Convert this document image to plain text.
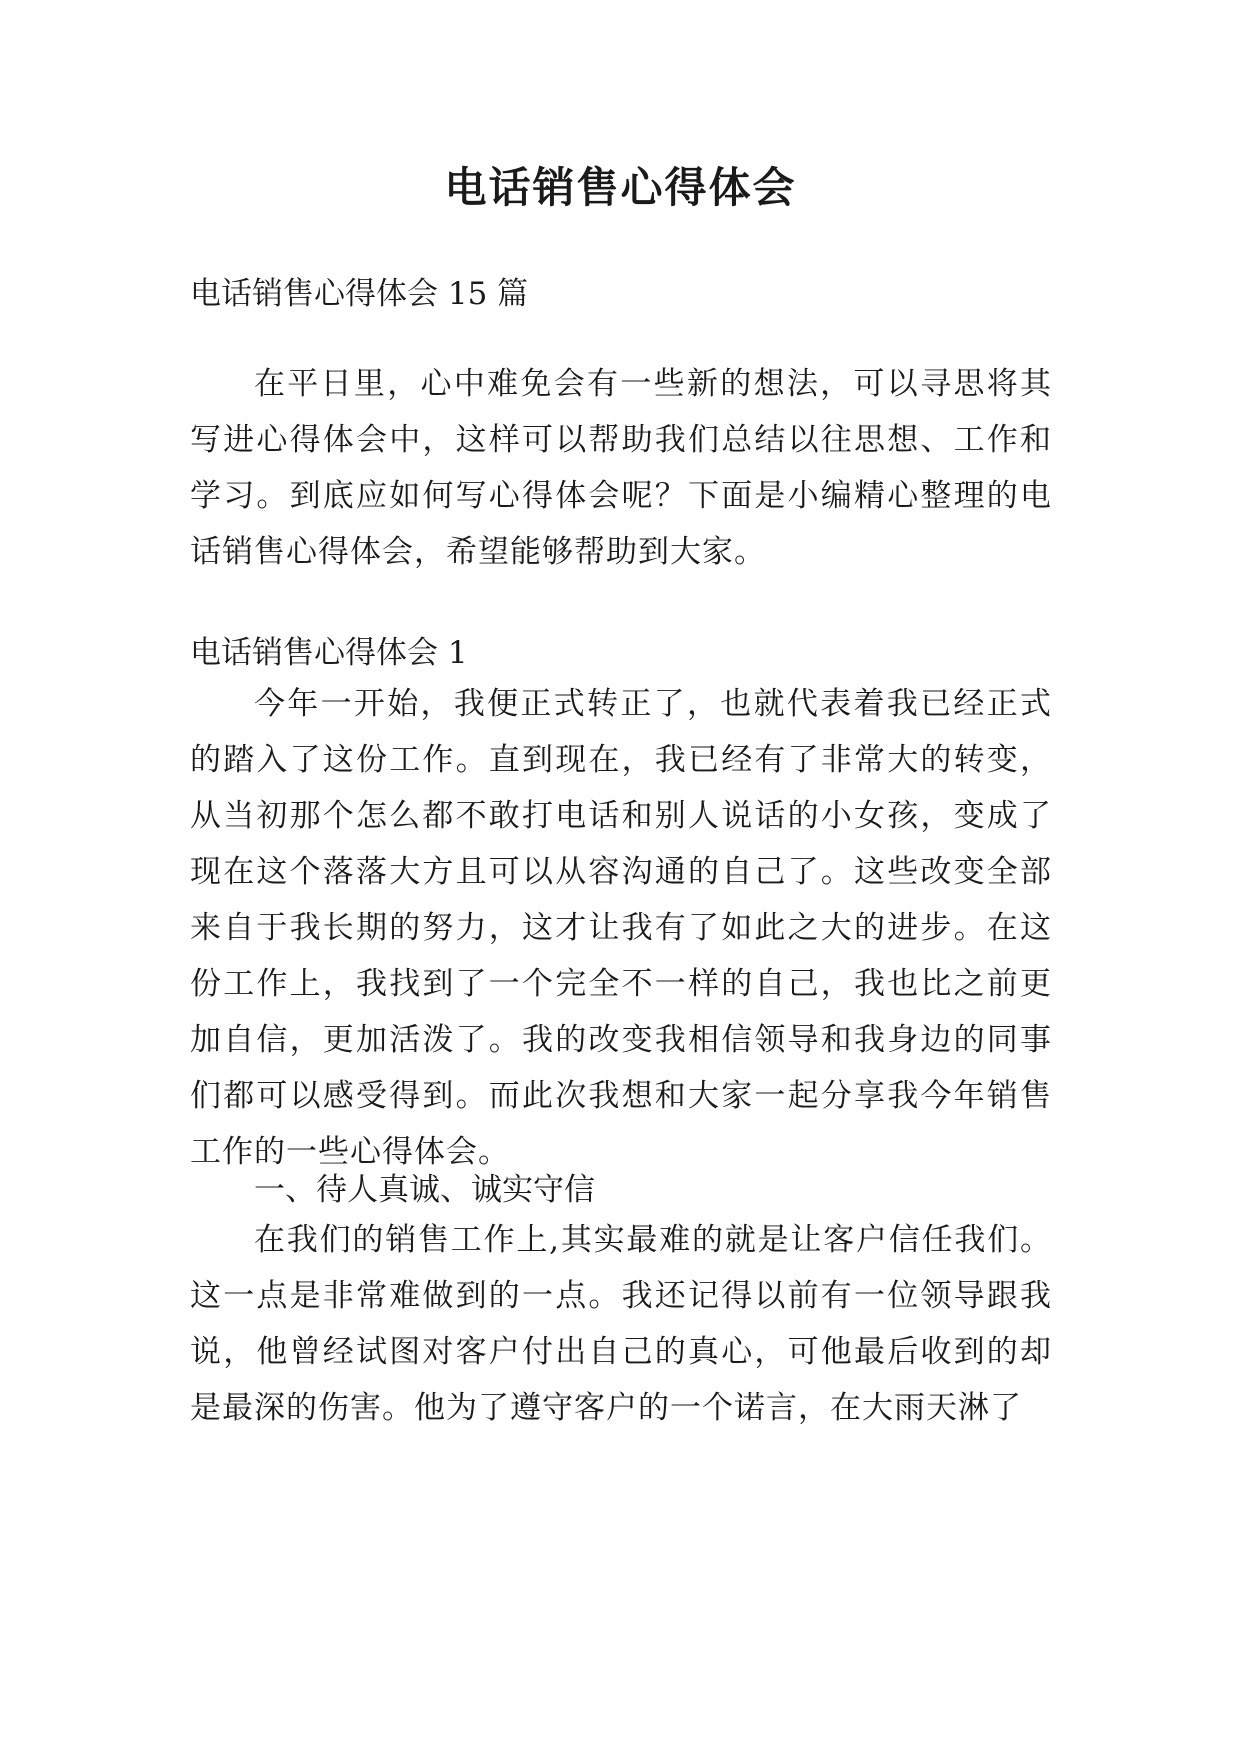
电话销售心得体会

电话销售心得体会 15 篇

在平日里，心中难免会有一些新的想法，可以寻思将其写进心得体会中，这样可以帮助我们总结以往思想、工作和学习。到底应如何写心得体会呢？下面是小编精心整理的电话销售心得体会，希望能够帮助到大家。

电话销售心得体会 1

今年一开始，我便正式转正了，也就代表着我已经正式的踏入了这份工作。直到现在，我已经有了非常大的转变，从当初那个怎么都不敢打电话和别人说话的小女孩，变成了现在这个落落大方且可以从容沟通的自己了。这些改变全部来自于我长期的努力，这才让我有了如此之大的进步。在这份工作上，我找到了一个完全不一样的自己，我也比之前更加自信，更加活泼了。我的改变我相信领导和我身边的同事们都可以感受得到。而此次我想和大家一起分享我今年销售工作的一些心得体会。

一、待人真诚、诚实守信

在我们的销售工作上,其实最难的就是让客户信任我们。这一点是非常难做到的一点。我还记得以前有一位领导跟我说，他曾经试图对客户付出自己的真心，可他最后收到的却是最深的伤害。他为了遵守客户的一个诺言，在大雨天淋了
